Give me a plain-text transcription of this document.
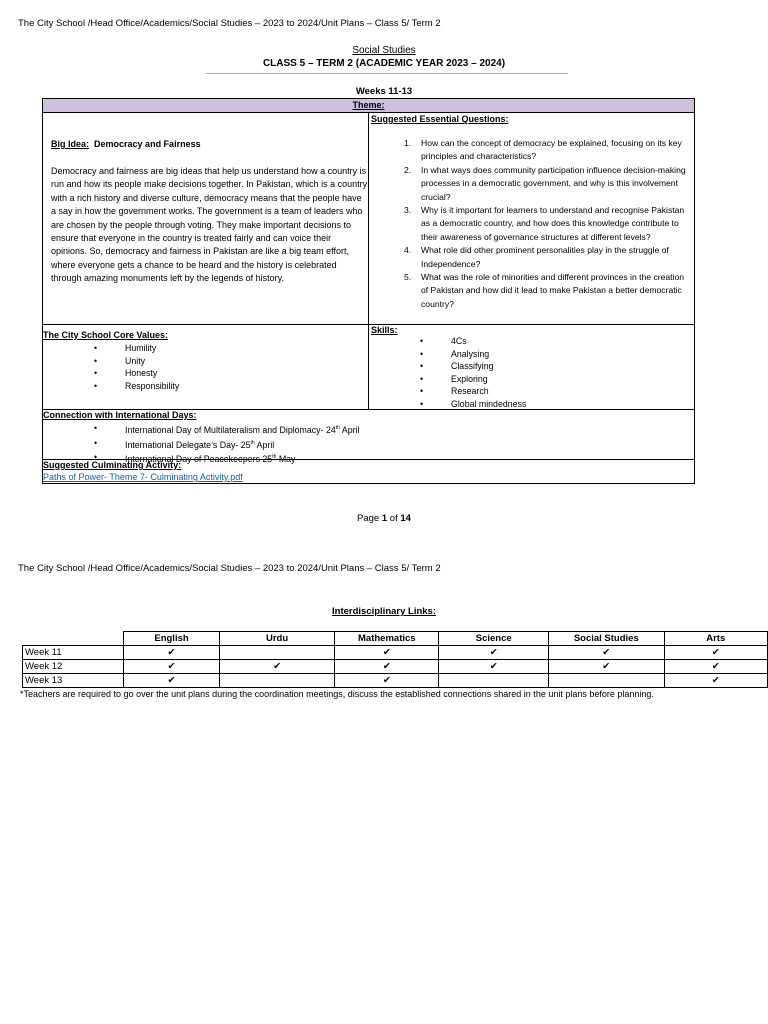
The City School /Head Office/Academics/Social Studies – 2023 to 2024/Unit Plans – Class 5/ Term 2
Social Studies
CLASS 5 – TERM 2 (ACADEMIC YEAR 2023 – 2024)
Weeks 11-13
Theme:
Big Idea: Democracy and Fairness
Democracy and fairness are big ideas that help us understand how a country is run and how its people make decisions together. In Pakistan, which is a country with a rich history and diverse culture, democracy means that the people have a say in how the government works. The government is a team of leaders who are chosen by the people through voting. They make important decisions to ensure that everyone in the country is treated fairly and can voice their opinions. So, democracy and fairness in Pakistan are like a big team effort, where everyone gets a chance to be heard and the history is celebrated through amazing monuments left by the legends of history.
Suggested Essential Questions:
1. How can the concept of democracy be explained, focusing on its key principles and characteristics?
2. In what ways does community participation influence decision-making processes in a democratic government, and why is this involvement crucial?
3. Why is it important for learners to understand and recognise Pakistan as a democratic country, and how does this knowledge contribute to their awareness of governance structures at different levels?
4. What role did other prominent personalities play in the struggle of Independence?
5. What was the role of minorities and different provinces in the creation of Pakistan and how did it lead to make Pakistan a better democratic country?
The City School Core Values:
•	Humility
•	Unity
•	Honesty
•	Responsibility
Skills:
•	4Cs
•	Analysing
•	Classifying
•	Exploring
•	Research
•	Global mindedness
Connection with International Days:
•	International Day of Multilateralism and Diplomacy- 24th April
•	International Delegate’s Day- 25th April
•	International Day of Peacekeepers 25th May
Suggested Culminating Activity:
Paths of Power- Theme 7- Culminating Activity.pdf
Page 1 of 14
The City School /Head Office/Academics/Social Studies – 2023 to 2024/Unit Plans – Class 5/ Term 2
Interdisciplinary Links:
	English	Urdu	Mathematics	Science	Social Studies	Arts
Week 11	✔		✔	✔	✔	✔
Week 12	✔	✔	✔	✔	✔	✔
Week 13	✔		✔			✔
*Teachers are required to go over the unit plans during the coordination meetings, discuss the established connections shared in the unit plans before planning.
